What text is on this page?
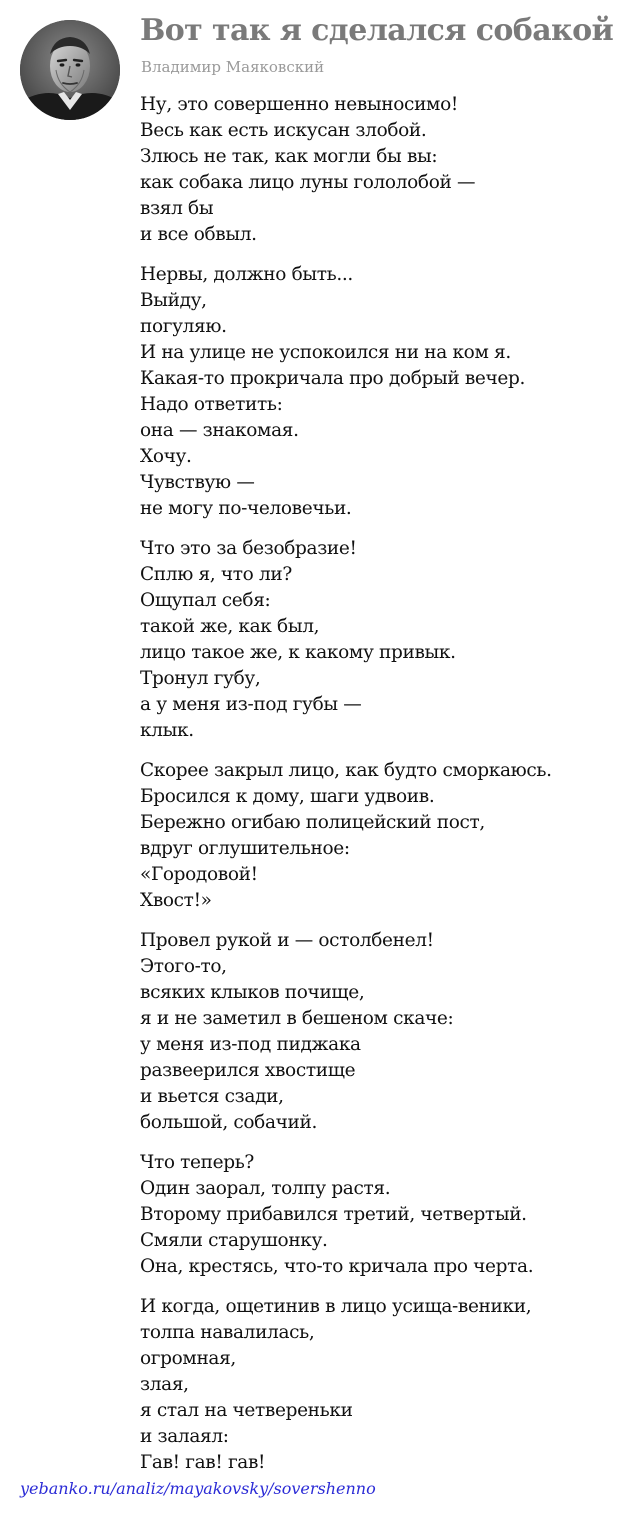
Вот так я сделался собакой
Владимир Маяковский
Ну, это совершенно невыносимо!
Весь как есть искусан злобой.
Злюсь не так, как могли бы вы:
как собака лицо луны гололобой —
взял бы
и все обвыл.
Нервы, должно быть...
Выйду,
погуляю.
И на улице не успокоился ни на ком я.
Какая-то прокричала про добрый вечер.
Надо ответить:
она — знакомая.
Хочу.
Чувствую —
не могу по-человечьи.
Что это за безобразие!
Сплю я, что ли?
Ощупал себя:
такой же, как был,
лицо такое же, к какому привык.
Тронул губу,
а у меня из-под губы —
клык.
Скорее закрыл лицо, как будто сморкаюсь.
Бросился к дому, шаги удвоив.
Бережно огибаю полицейский пост,
вдруг оглушительное:
«Городовой!
Хвост!»
Провел рукой и — остолбенел!
Этого-то,
всяких клыков почище,
я и не заметил в бешеном скаче:
у меня из-под пиджака
развеерился хвостище
и вьется сзади,
большой, собачий.
Что теперь?
Один заорал, толпу растя.
Второму прибавился третий, четвертый.
Смяли старушонку.
Она, крестясь, что-то кричала про черта.
И когда, ощетинив в лицо усища-веники,
толпа навалилась,
огромная,
злая,
я стал на четвереньки
и залаял:
Гав! гав! гав!
yebanko.ru/analiz/mayakovsky/sovershenno
